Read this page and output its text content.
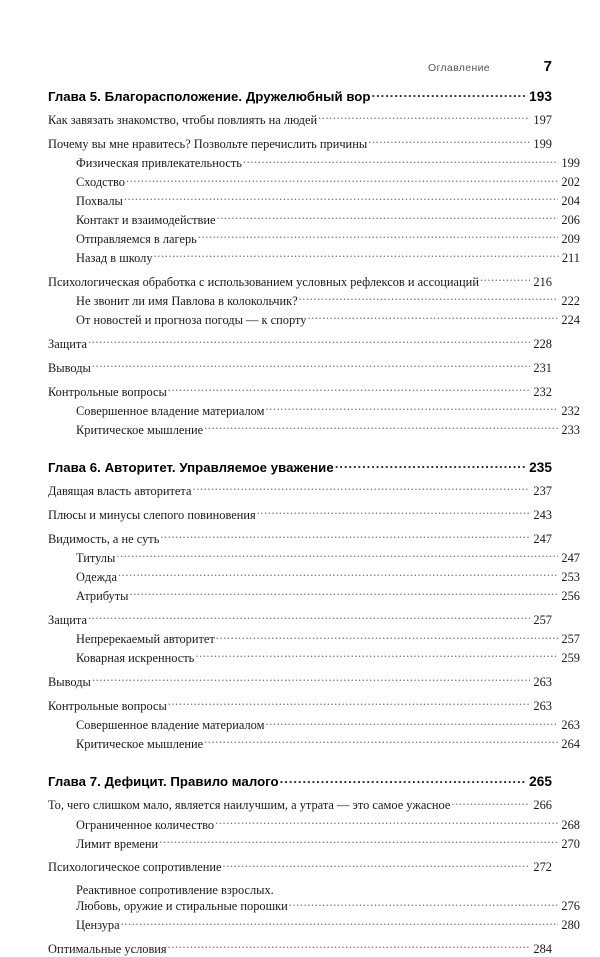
Оглавление	7
Глава 5. Благорасположение. Дружелюбный вор .....	193
Как завязать знакомство, чтобы повлиять на людей .....	197
Почему вы мне нравитесь? Позвольте перечислить причины .....	199
Физическая привлекательность .....	199
Сходство .....	202
Похвалы .....	204
Контакт и взаимодействие .....	206
Отправляемся в лагерь .....	209
Назад в школу .....	211
Психологическая обработка с использованием условных рефлексов и ассоциаций .....	216
Не звонит ли имя Павлова в колокольчик? .....	222
От новостей и прогноза погоды — к спорту .....	224
Защита .....	228
Выводы .....	231
Контрольные вопросы .....	232
Совершенное владение материалом .....	232
Критическое мышление .....	233
Глава 6. Авторитет. Управляемое уважение .....	235
Давящая власть авторитета .....	237
Плюсы и минусы слепого повиновения .....	243
Видимость, а не суть .....	247
Титулы .....	247
Одежда .....	253
Атрибуты .....	256
Защита .....	257
Непререкаемый авторитет .....	257
Коварная искренность .....	259
Выводы .....	263
Контрольные вопросы .....	263
Совершенное владение материалом .....	263
Критическое мышление .....	264
Глава 7. Дефицит. Правило малого .....	265
То, чего слишком мало, является наилучшим, а утрата — это самое ужасное .....	266
Ограниченное количество .....	268
Лимит времени .....	270
Психологическое сопротивление .....	272
Реактивное сопротивление взрослых.
Любовь, оружие и стиральные порошки .....	276
Цензура .....	280
Оптимальные условия .....	284
